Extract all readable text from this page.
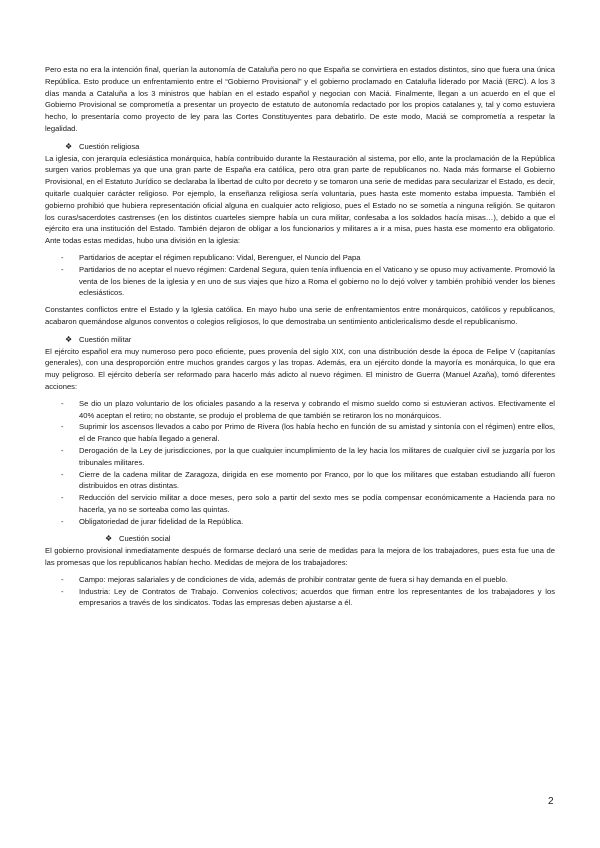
Pero esta no era la intención final, querían la autonomía de Cataluña pero no que España se convirtiera en estados distintos, sino que fuera una única República. Esto produce un enfrentamiento entre el “Gobierno Provisional” y el gobierno proclamado en Cataluña liderado por Maciá (ERC). A los 3 días manda a Cataluña a los 3 ministros que habían en el estado español y negocian con Maciá. Finalmente, llegan a un acuerdo en el que el Gobierno Provisional se comprometía a presentar un proyecto de estatuto de autonomía redactado por los propios catalanes y, tal y como estuviera hecho, lo presentaría como proyecto de ley para las Cortes Constituyentes para debatirlo. De este modo, Maciá se comprometía a respetar la legalidad.

❖ Cuestión religiosa

La iglesia, con jerarquía eclesiástica monárquica, había contribuido durante la Restauración al sistema, por ello, ante la proclamación de la República surgen varios problemas ya que una gran parte de España era católica, pero otra gran parte de republicanos no. Nada más formarse el Gobierno Provisional, en el Estatuto Jurídico se declaraba la libertad de culto por decreto y se tomaron una serie de medidas para secularizar el Estado, es decir, quitarle cualquier carácter religioso. Por ejemplo, la enseñanza religiosa sería voluntaria, pues hasta este momento estaba impuesta. También el gobierno prohibió que hubiera representación oficial alguna en cualquier acto religioso, pues el Estado no se sometía a ninguna religión. Se quitaron los curas/sacerdotes castrenses (en los distintos cuarteles siempre había un cura militar, confesaba a los soldados hacía misas…), debido a que el ejército era una institución del Estado. También dejaron de obligar a los funcionarios y militares a ir a misa, pues hasta ese momento era obligatorio. Ante todas estas medidas, hubo una división en la iglesia:

- Partidarios de aceptar el régimen republicano: Vidal, Berenguer, el Nuncio del Papa
- Partidarios de no aceptar el nuevo régimen: Cardenal Segura, quien tenía influencia en el Vaticano y se opuso muy activamente. Promovió la venta de los bienes de la iglesia y en uno de sus viajes que hizo a Roma el gobierno no lo dejó volver y también prohibió vender los bienes eclesiásticos.

Constantes conflictos entre el Estado y la Iglesia católica. En mayo hubo una serie de enfrentamientos entre monárquicos, católicos y republicanos, acabaron quemándose algunos conventos o colegios religiosos, lo que demostraba un sentimiento anticlericalismo desde el republicanismo.

❖ Cuestión militar

El ejército español era muy numeroso pero poco eficiente, pues provenía del siglo XIX, con una distribución desde la época de Felipe V (capitanías generales), con una desproporción entre muchos grandes cargos y las tropas. Además, era un ejército donde la mayoría es monárquica, lo que era muy peligroso. El ejército debería ser reformado para hacerlo más adicto al nuevo régimen. El ministro de Guerra (Manuel Azaña), tomó diferentes acciones:

- Se dio un plazo voluntario de los oficiales pasando a la reserva y cobrando el mismo sueldo como si estuvieran activos. Efectivamente el 40% aceptan el retiro; no obstante, se produjo el problema de que también se retiraron los no monárquicos.
- Suprimir los ascensos llevados a cabo por Primo de Rivera (los había hecho en función de su amistad y sintonía con el régimen) entre ellos, el de Franco que había llegado a general.
- Derogación de la Ley de jurisdicciones, por la que cualquier incumplimiento de la ley hacia los militares de cualquier civil se juzgaría por los tribunales militares.
- Cierre de la cadena militar de Zaragoza, dirigida en ese momento por Franco, por lo que los militares que estaban estudiando allí fueron distribuidos en otras distintas.
- Reducción del servicio militar a doce meses, pero solo a partir del sexto mes se podía compensar económicamente a Hacienda para no hacerla, ya no se sorteaba como las quintas.
- Obligatoriedad de jurar fidelidad de la República.
❖ Cuestión social

El gobierno provisional inmediatamente después de formarse declaró una serie de medidas para la mejora de los trabajadores, pues esta fue una de las promesas que los republicanos habían hecho. Medidas de mejora de los trabajadores:

- Campo: mejoras salariales y de condiciones de vida, además de prohibir contratar gente de fuera si hay demanda en el pueblo.
- Industria: Ley de Contratos de Trabajo. Convenios colectivos; acuerdos que firman entre los representantes de los trabajadores y los empresarios a través de los sindicatos. Todas las empresas deben ajustarse a él.
2
